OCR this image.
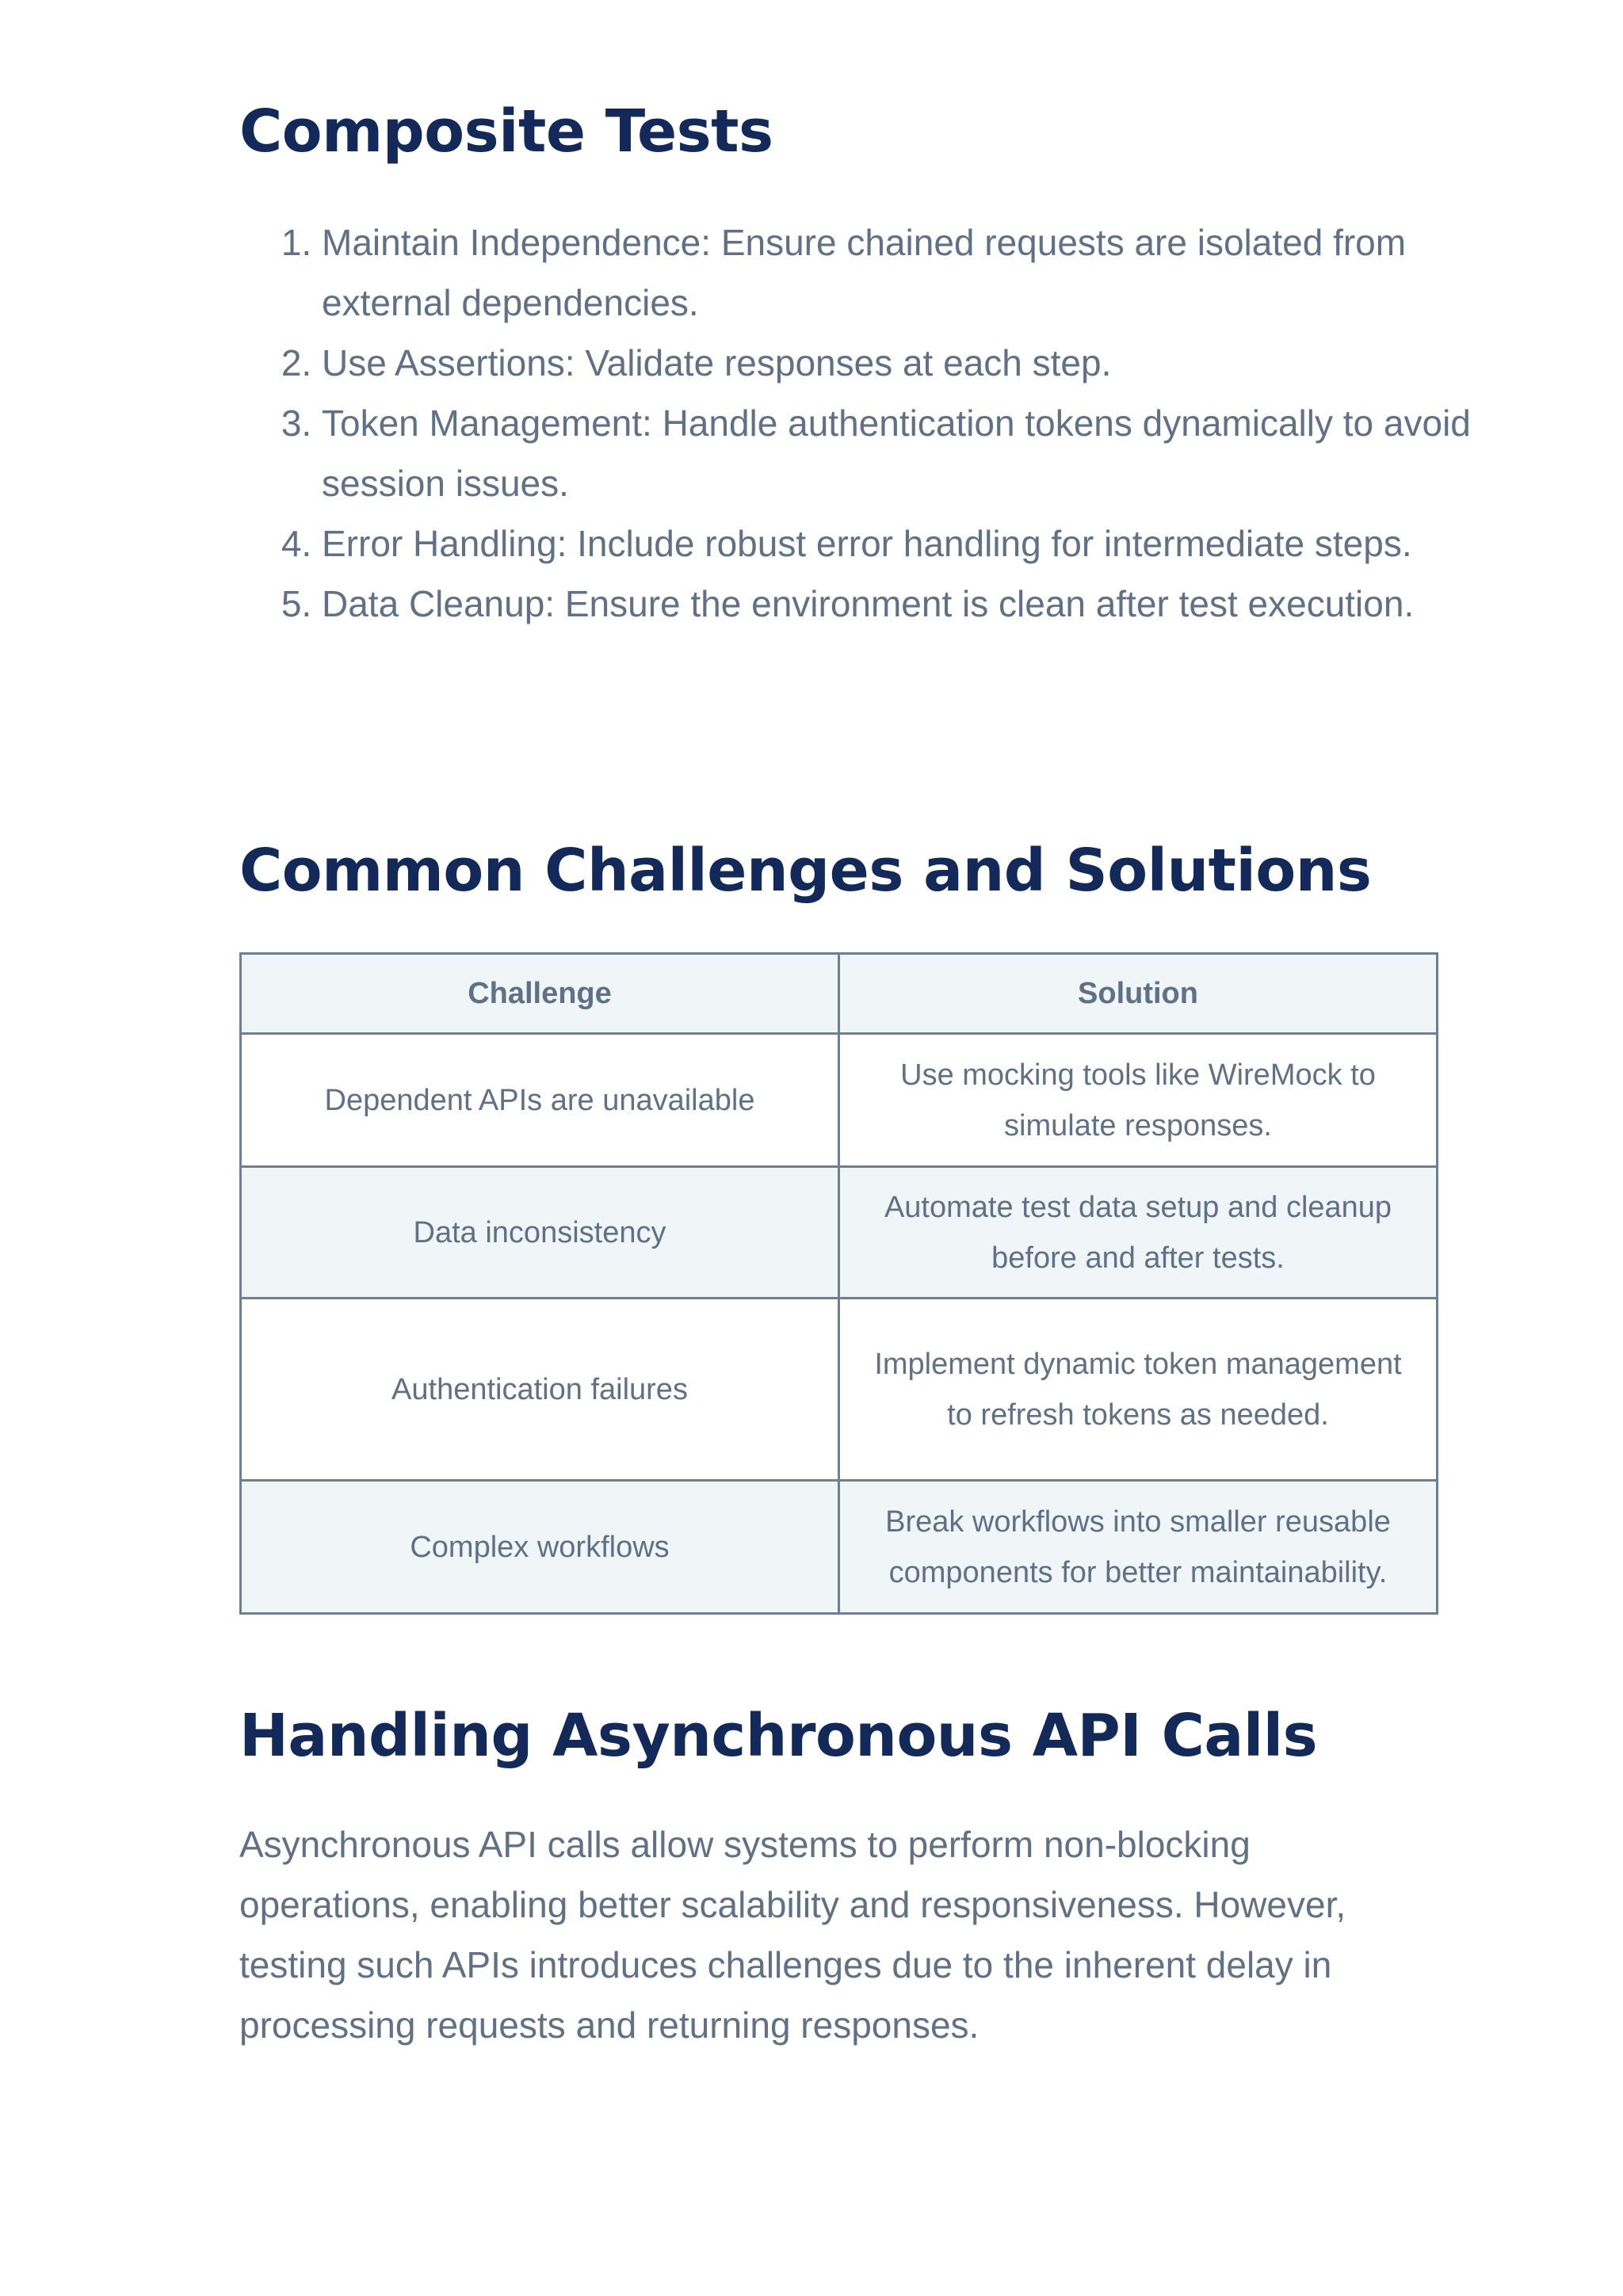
Composite Tests
1. Maintain Independence: Ensure chained requests are isolated from external dependencies.
2. Use Assertions: Validate responses at each step.
3. Token Management: Handle authentication tokens dynamically to avoid session issues.
4. Error Handling: Include robust error handling for intermediate steps.
5. Data Cleanup: Ensure the environment is clean after test execution.
Common Challenges and Solutions
Challenge	Solution
Dependent APIs are unavailable	Use mocking tools like WireMock to simulate responses.
Data inconsistency	Automate test data setup and cleanup before and after tests.
Authentication failures	Implement dynamic token management to refresh tokens as needed.
Complex workflows	Break workflows into smaller reusable components for better maintainability.
Handling Asynchronous API Calls

Asynchronous API calls allow systems to perform non-blocking operations, enabling better scalability and responsiveness. However, testing such APIs introduces challenges due to the inherent delay in processing requests and returning responses.
